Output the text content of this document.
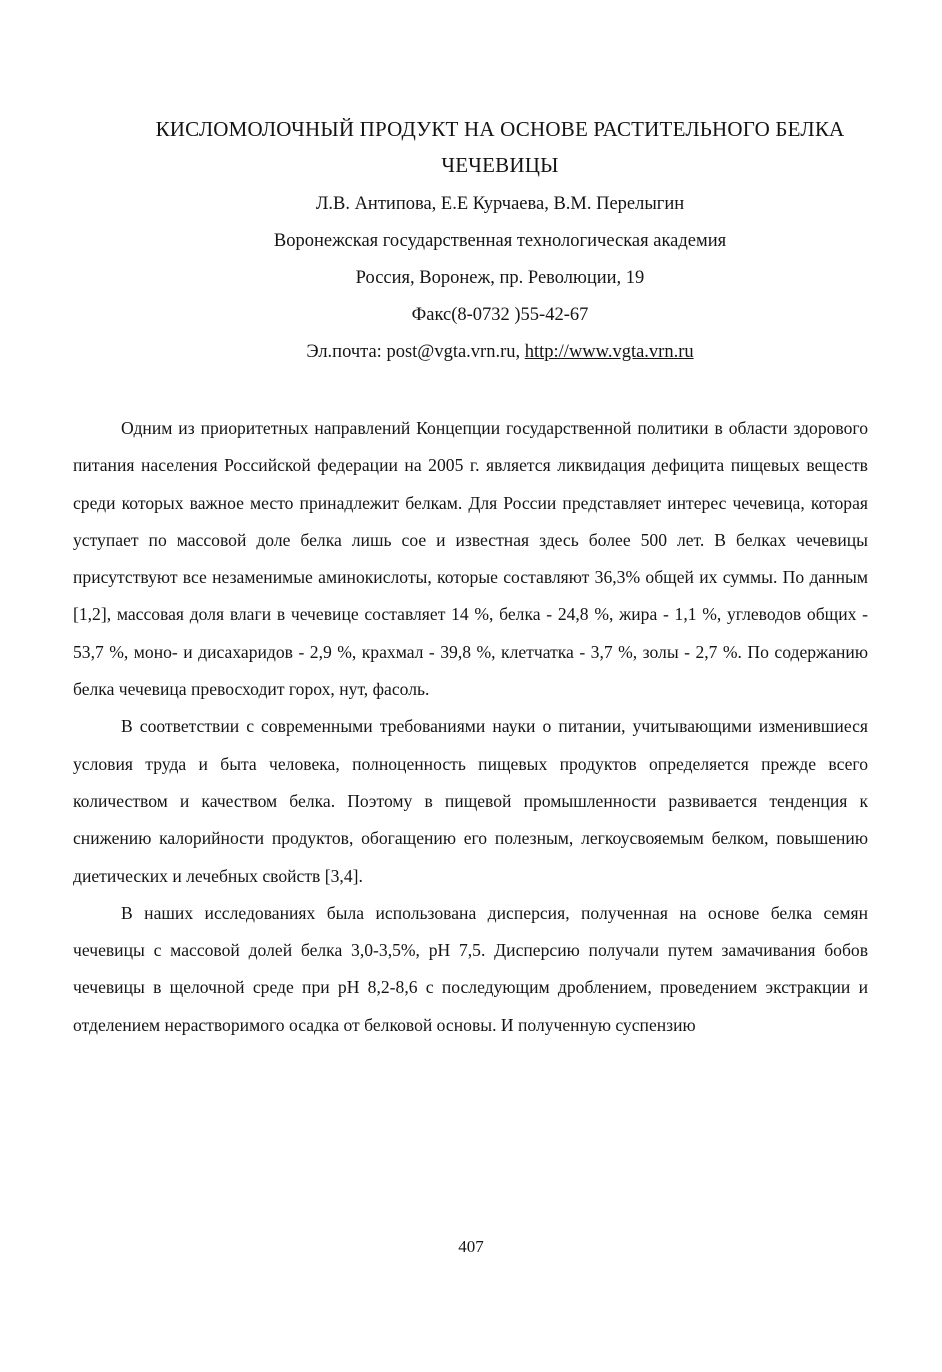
КИСЛОМОЛОЧНЫЙ ПРОДУКТ НА ОСНОВЕ РАСТИТЕЛЬНОГО БЕЛКА
ЧЕЧЕВИЦЫ
Л.В. Антипова, Е.Е Курчаева, В.М. Перелыгин
Воронежская государственная технологическая академия
Россия, Воронеж, пр. Революции, 19
Факс(8-0732 )55-42-67
Эл.почта: post@vgta.vrn.ru, http://www.vgta.vrn.ru

Одним из приоритетных направлений Концепции государственной политики в области здорового питания населения Российской федерации на 2005 г. является ликвидация дефицита пищевых веществ среди которых важное место принадлежит белкам. Для России представляет интерес чечевица, которая уступает по массовой доле белка лишь сое и известная здесь более 500 лет. В белках чечевицы присутствуют все незаменимые аминокислоты, которые составляют 36,3% общей их суммы. По данным [1,2], массовая доля влаги в чечевице составляет 14 %, белка - 24,8 %, жира - 1,1 %, углеводов общих - 53,7 %, моно- и дисахаридов - 2,9 %, крахмал - 39,8 %, клетчатка - 3,7 %, золы - 2,7 %. По содержанию белка чечевица превосходит горох, нут, фасоль.

В соответствии с современными требованиями науки о питании, учитывающими изменившиеся условия труда и быта человека, полноценность пищевых продуктов определяется прежде всего количеством и качеством белка. Поэтому в пищевой промышленности развивается тенденция к снижению калорийности продуктов, обогащению его полезным, легкоусвояемым белком, повышению диетических и лечебных свойств [3,4].

В наших исследованиях была использована дисперсия, полученная на основе белка семян чечевицы с массовой долей белка 3,0-3,5%, рН 7,5. Дисперсию получали путем замачивания бобов чечевицы в щелочной среде при рН 8,2-8,6 с последующим дроблением, проведением экстракции и отделением нерастворимого осадка от белковой основы. И полученную суспензию

407
